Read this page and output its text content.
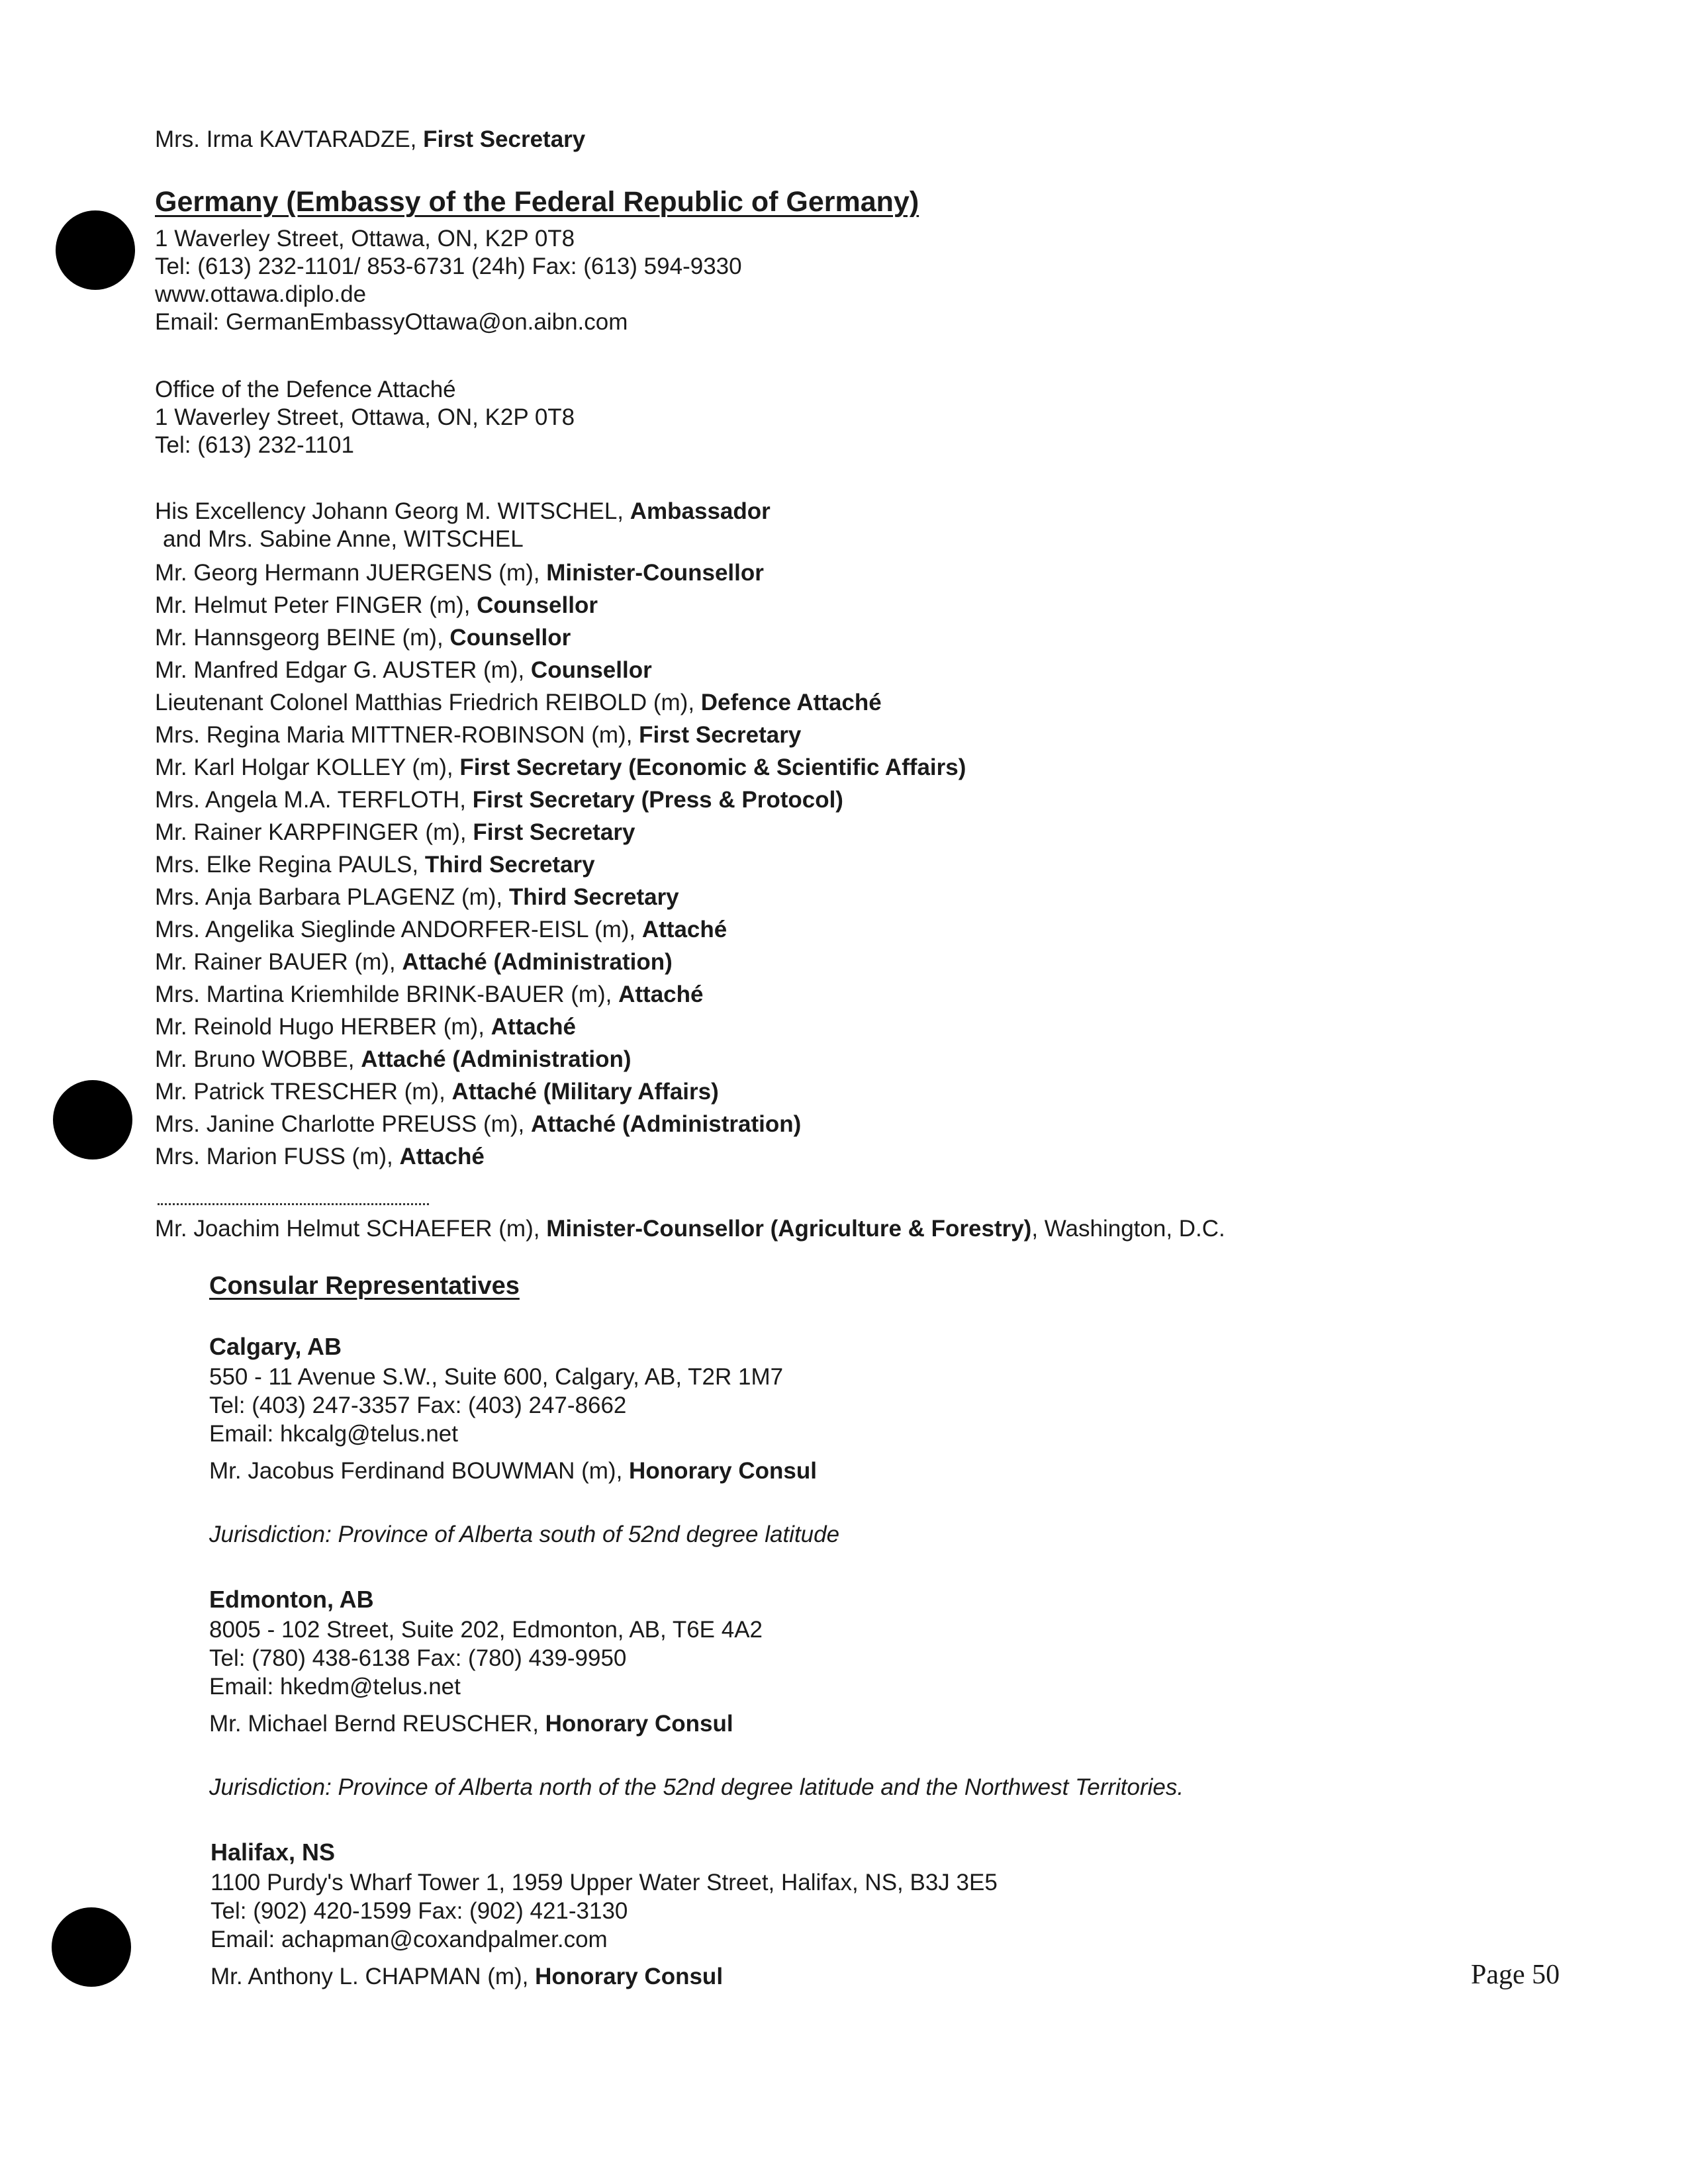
Mrs. Irma KAVTARADZE, First Secretary
Germany (Embassy of the Federal Republic of Germany)
1 Waverley Street, Ottawa, ON, K2P 0T8
Tel: (613) 232-1101/ 853-6731 (24h) Fax: (613) 594-9330
www.ottawa.diplo.de
Email: GermanEmbassyOttawa@on.aibn.com
Office of the Defence Attaché
1 Waverley Street, Ottawa, ON, K2P 0T8
Tel: (613) 232-1101
His Excellency Johann Georg M. WITSCHEL, Ambassador
and Mrs. Sabine Anne, WITSCHEL
Mr. Georg Hermann JUERGENS (m), Minister-Counsellor
Mr. Helmut Peter FINGER (m), Counsellor
Mr. Hannsgeorg BEINE (m), Counsellor
Mr. Manfred Edgar G. AUSTER (m), Counsellor
Lieutenant Colonel Matthias Friedrich REIBOLD (m), Defence Attaché
Mrs. Regina Maria MITTNER-ROBINSON (m), First Secretary
Mr. Karl Holgar KOLLEY (m), First Secretary (Economic & Scientific Affairs)
Mrs. Angela M.A. TERFLOTH, First Secretary (Press & Protocol)
Mr. Rainer KARPFINGER (m), First Secretary
Mrs. Elke Regina PAULS, Third Secretary
Mrs. Anja Barbara PLAGENZ (m), Third Secretary
Mrs. Angelika Sieglinde ANDORFER-EISL (m), Attaché
Mr. Rainer BAUER (m), Attaché (Administration)
Mrs. Martina Kriemhilde BRINK-BAUER (m), Attaché
Mr. Reinold Hugo HERBER (m), Attaché
Mr. Bruno WOBBE, Attaché (Administration)
Mr. Patrick TRESCHER (m), Attaché (Military Affairs)
Mrs. Janine Charlotte PREUSS (m), Attaché (Administration)
Mrs. Marion FUSS (m), Attaché
Mr. Joachim Helmut SCHAEFER (m), Minister-Counsellor (Agriculture & Forestry), Washington, D.C.
Consular Representatives
Calgary, AB
550 - 11 Avenue S.W., Suite 600, Calgary, AB, T2R 1M7
Tel: (403) 247-3357 Fax: (403) 247-8662
Email: hkcalg@telus.net
Mr. Jacobus Ferdinand BOUWMAN (m), Honorary Consul
Jurisdiction: Province of Alberta south of 52nd degree latitude
Edmonton, AB
8005 - 102 Street, Suite 202, Edmonton, AB, T6E 4A2
Tel: (780) 438-6138 Fax: (780) 439-9950
Email: hkedm@telus.net
Mr. Michael Bernd REUSCHER, Honorary Consul
Jurisdiction: Province of Alberta north of the 52nd degree latitude and the Northwest Territories.
Halifax, NS
1100 Purdy's Wharf Tower 1, 1959 Upper Water Street, Halifax, NS, B3J 3E5
Tel: (902) 420-1599 Fax: (902) 421-3130
Email: achapman@coxandpalmer.com
Mr. Anthony L. CHAPMAN (m), Honorary Consul	Page 50
